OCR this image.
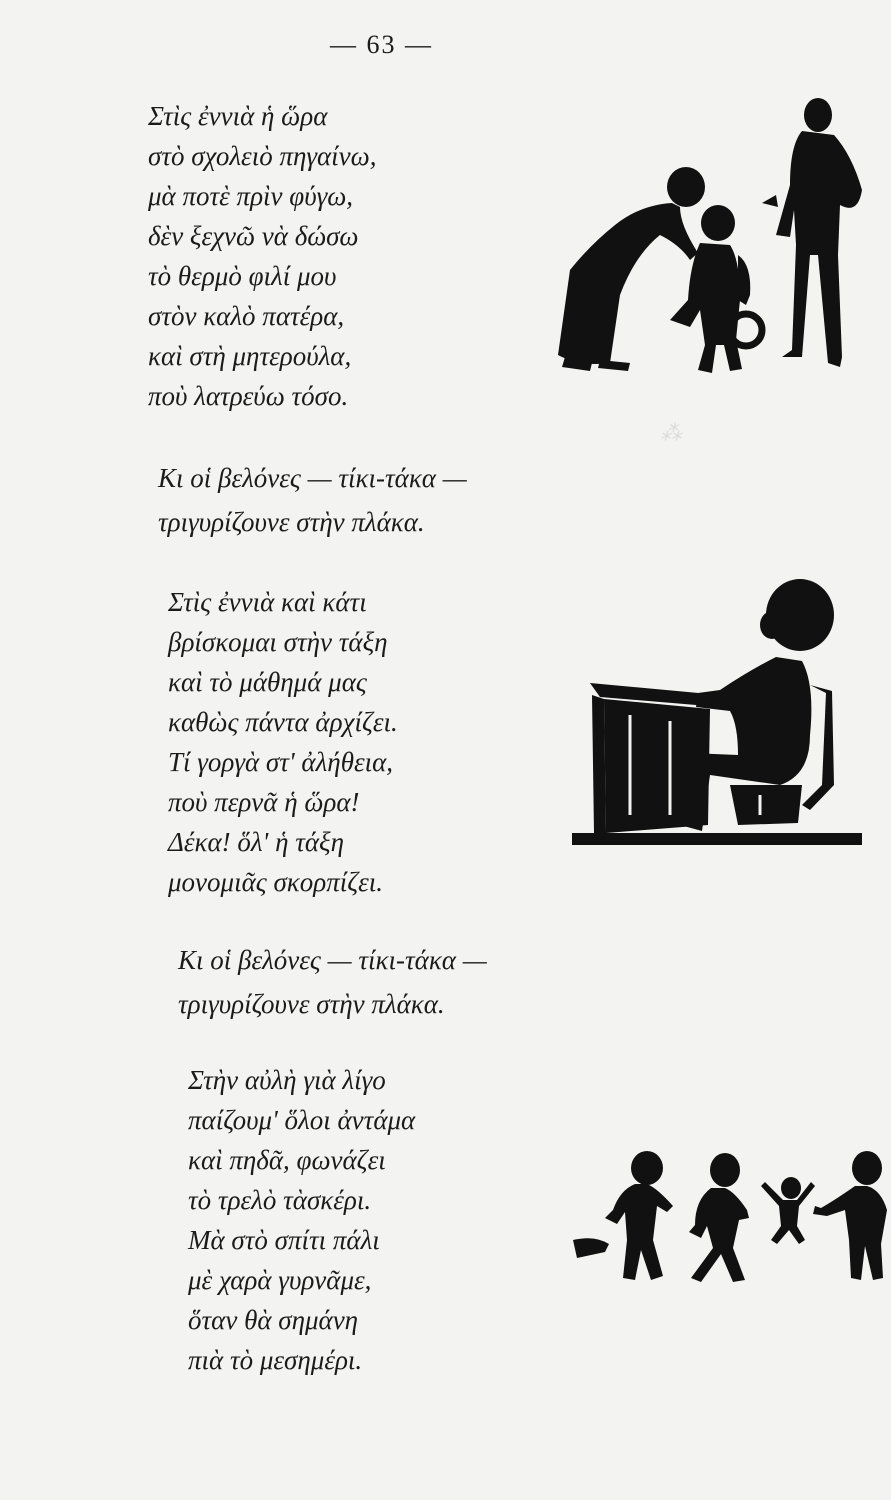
— 63 —
Στὶς ἐννιὰ ἡ ὥρα
στὸ σχολειὸ πηγαίνω,
μὰ ποτὲ πρὶν φύγω,
δὲν ξεχνῶ νὰ δώσω
τὸ θερμὸ φιλί μου
στὸν καλὸ πατέρα,
καὶ στὴ μητερούλα,
ποὺ λατρεύω τόσο.
Κι οἱ βελόνες — τίκι-τάκα —
τριγυρίζουνε στὴν πλάκα.
Στὶς ἐννιὰ καὶ κάτι
βρίσκομαι στὴν τάξη
καὶ τὸ μάθημά μας
καθὼς πάντα ἀρχίζει.
Τί γοργὰ στ' ἀλήθεια,
ποὺ περνᾶ ἡ ὥρα!
Δέκα! ὅλ' ἡ τάξη
μονομιᾶς σκορπίζει.
Κι οἱ βελόνες — τίκι-τάκα —
τριγυρίζουνε στὴν πλάκα.
Στὴν αὐλὴ γιὰ λίγο
παίζουμ' ὅλοι ἀντάμα
καὶ πηδᾶ, φωνάζει
τὸ τρελὸ τὰσκέρι.
Μὰ στὸ σπίτι πάλι
μὲ χαρὰ γυρνᾶμε,
ὅταν θὰ σημάνη
πιὰ τὸ μεσημέρι.
⁂
